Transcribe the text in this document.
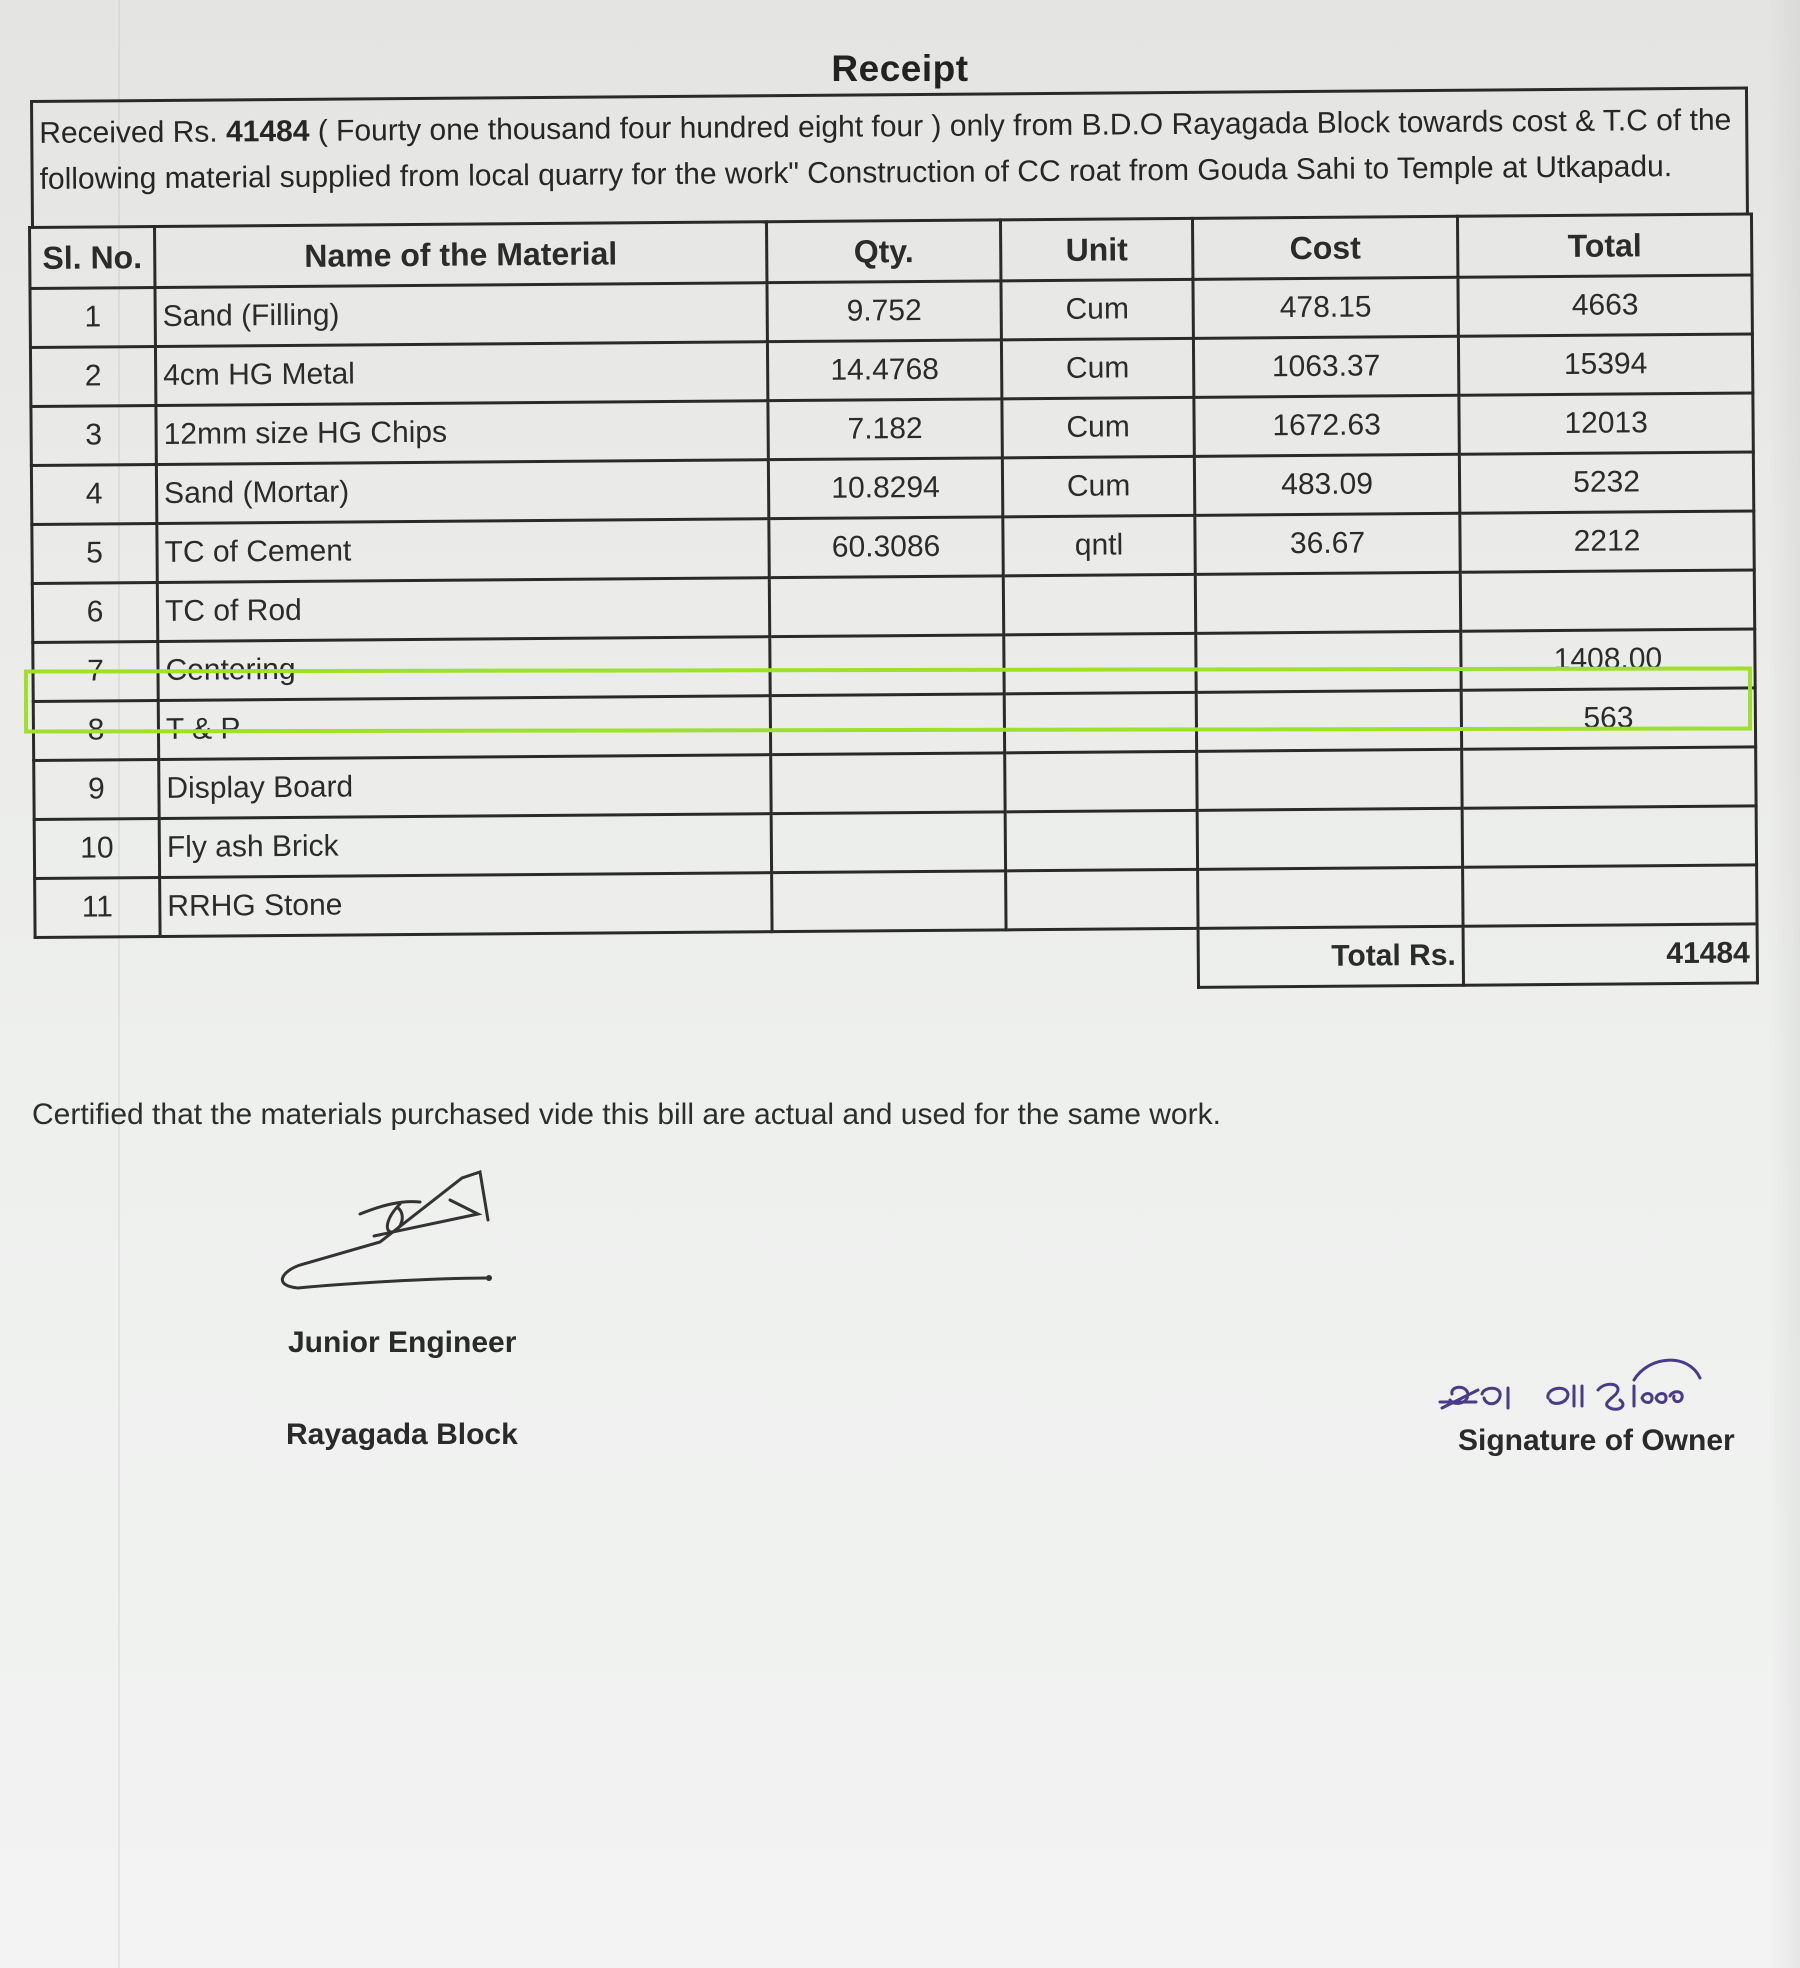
Receipt
Received Rs. 41484 ( Fourty one thousand four hundred eight four ) only from B.D.O Rayagada Block towards cost & T.C of the following material supplied from local quarry for the work" Construction of CC roat from Gouda Sahi to Temple at Utkapadu.
Sl. No.	Name of the Material	Qty.	Unit	Cost	Total
1	Sand (Filling)	9.752	Cum	478.15	4663
2	4cm HG Metal	14.4768	Cum	1063.37	15394
3	12mm size HG Chips	7.182	Cum	1672.63	12013
4	Sand (Mortar)	10.8294	Cum	483.09	5232
5	TC of Cement	60.3086	qntl	36.67	2212
6	TC of Rod				
7	Centering				1408.00
8	T & P				563
9	Display Board				
10	Fly ash Brick				
11	RRHG Stone				
				Total Rs.	41484
Certified that the materials purchased vide this bill are actual and used for the same work.
Junior Engineer
Rayagada Block	Signature of Owner
